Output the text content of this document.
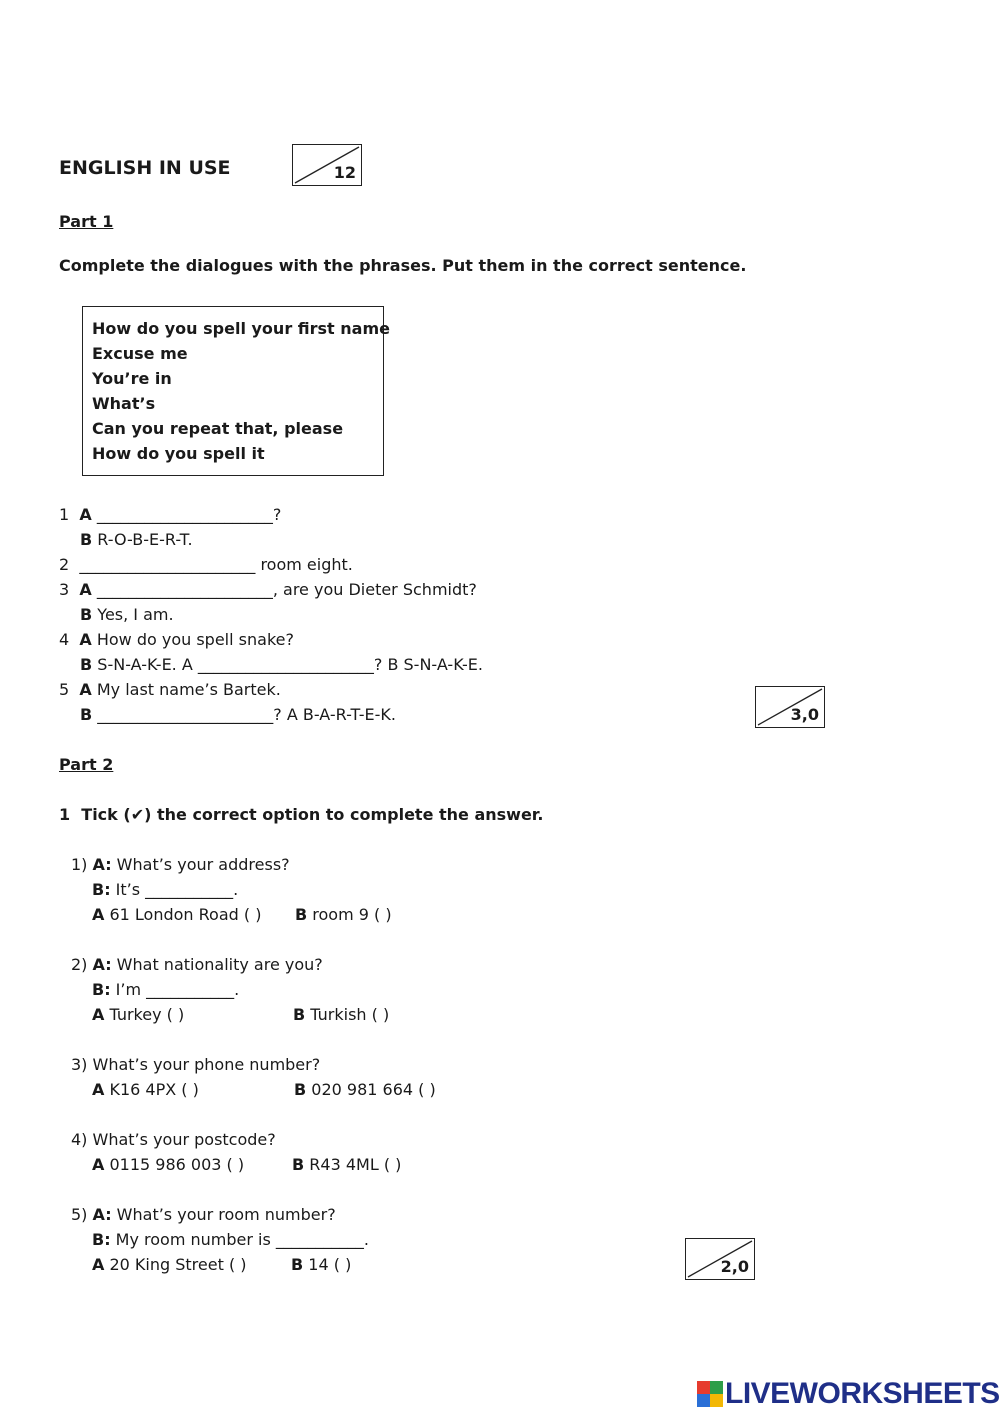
ENGLISH IN USE	12
Part 1
Complete the dialogues with the phrases. Put them in the correct sentence.
How do you spell your first name
Excuse me
You’re in
What’s
Can you repeat that, please
How do you spell it
1 A ______________________?
B R-O-B-E-R-T.
2  ______________________ room eight.
3 A ______________________, are you Dieter Schmidt?
B Yes, I am.
4 A How do you spell snake?
B S-N-A-K-E. A ______________________? B S-N-A-K-E.
5 A My last name’s Bartek.
B ______________________? A B-A-R-T-E-K.	3,0
Part 2
1 Tick (✔) the correct option to complete the answer.
1) A: What’s your address?
B: It’s ___________.
A 61 London Road ( ) B room 9 ( )
2) A: What nationality are you?
B: I’m ___________.
A Turkey ( )	B Turkish ( )
3) What’s your phone number?
A K16 4PX ( )	B 020 981 664 ( )
4) What’s your postcode?
A 0115 986 003 ( )	B R43 4ML ( )
5) A: What’s your room number?
B: My room number is ___________.
A 20 King Street ( )	B 14 ( )	2,0
LIVEWORKSHEETS
